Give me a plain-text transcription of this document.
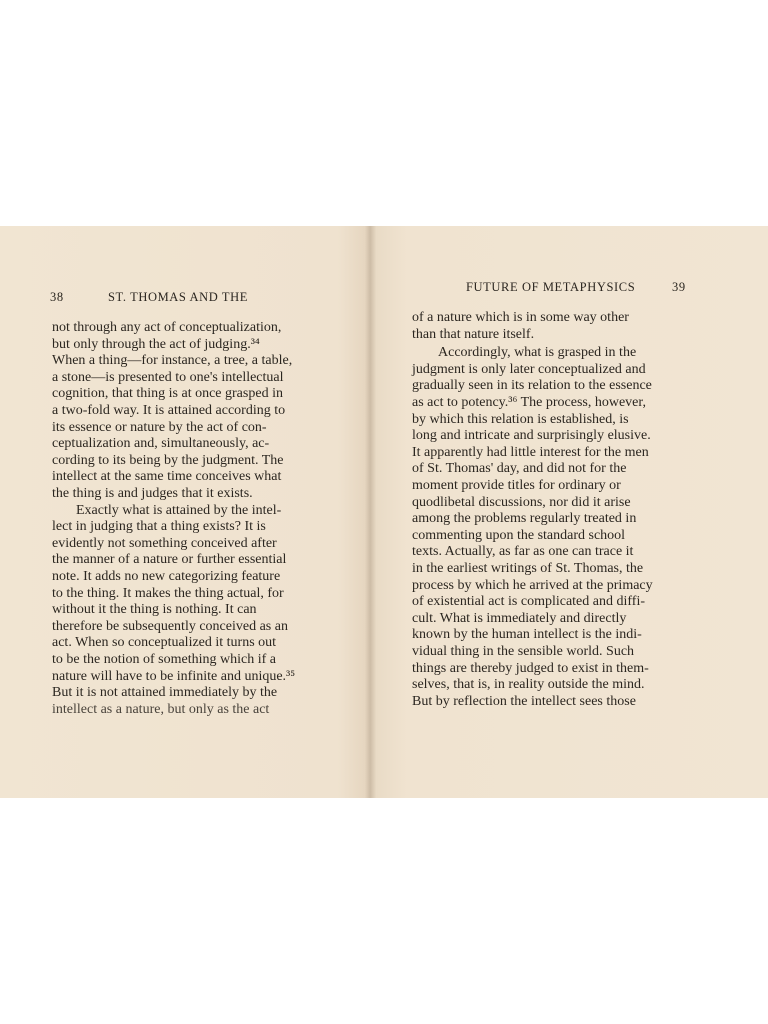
38	ST. THOMAS AND THE
not through any act of conceptualization,
but only through the act of judging.³⁴
When a thing—for instance, a tree, a table,
a stone—is presented to one's intellectual
cognition, that thing is at once grasped in
a two-fold way. It is attained according to
its essence or nature by the act of con-
ceptualization and, simultaneously, ac-
cording to its being by the judgment. The
intellect at the same time conceives what
the thing is and judges that it exists.
Exactly what is attained by the intel-
lect in judging that a thing exists? It is
evidently not something conceived after
the manner of a nature or further essential
note. It adds no new categorizing feature
to the thing. It makes the thing actual, for
without it the thing is nothing. It can
therefore be subsequently conceived as an
act. When so conceptualized it turns out
to be the notion of something which if a
nature will have to be infinite and unique.³⁵
But it is not attained immediately by the
intellect as a nature, but only as the act
FUTURE OF METAPHYSICS	39
of a nature which is in some way other
than that nature itself.
Accordingly, what is grasped in the
judgment is only later conceptualized and
gradually seen in its relation to the essence
as act to potency.³⁶ The process, however,
by which this relation is established, is
long and intricate and surprisingly elusive.
It apparently had little interest for the men
of St. Thomas' day, and did not for the
moment provide titles for ordinary or
quodlibetal discussions, nor did it arise
among the problems regularly treated in
commenting upon the standard school
texts. Actually, as far as one can trace it
in the earliest writings of St. Thomas, the
process by which he arrived at the primacy
of existential act is complicated and diffi-
cult. What is immediately and directly
known by the human intellect is the indi-
vidual thing in the sensible world. Such
things are thereby judged to exist in them-
selves, that is, in reality outside the mind.
But by reflection the intellect sees those
